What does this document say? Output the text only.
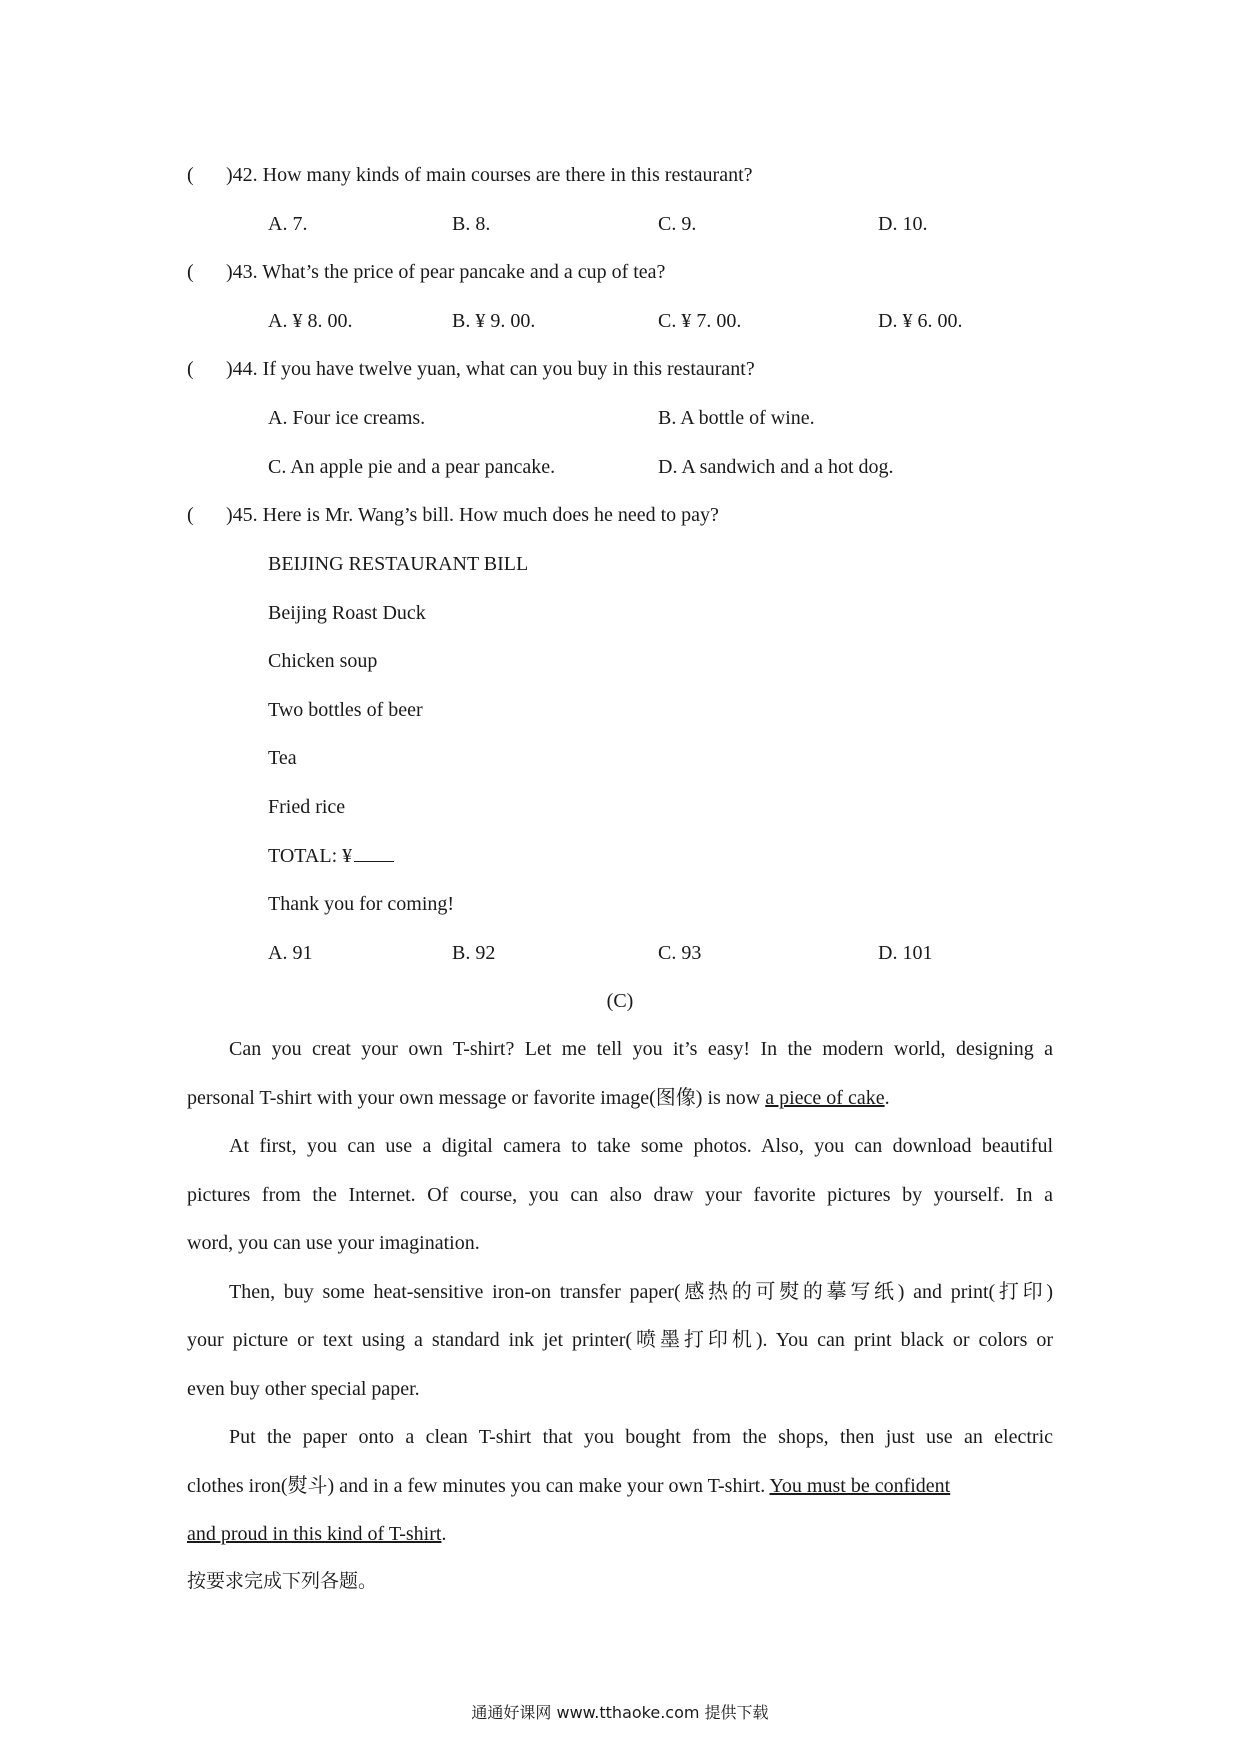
( )42. How many kinds of main courses are there in this restaurant?
A. 7.	B. 8.	C. 9.	D. 10.
( )43. What’s the price of pear pancake and a cup of tea?
A. ¥ 8. 00.	B. ¥ 9. 00.	C. ¥ 7. 00.	D. ¥ 6. 00.
( )44. If you have twelve yuan, what can you buy in this restaurant?
A. Four ice creams.	B. A bottle of wine.
C. An apple pie and a pear pancake.	D. A sandwich and a hot dog.
( )45. Here is Mr. Wang’s bill. How much does he need to pay?
BEIJING RESTAURANT BILL
Beijing Roast Duck
Chicken soup
Two bottles of beer
Tea
Fried rice
TOTAL: ¥
Thank you for coming!
A. 91	B. 92	C. 93	D. 101
(C)
Can you creat your own T-shirt? Let me tell you it’s easy! In the modern world, designing a
personal T-shirt with your own message or favorite image(图像) is now a piece of cake.
At first, you can use a digital camera to take some photos. Also, you can download beautiful
pictures from the Internet. Of course, you can also draw your favorite pictures by yourself. In a
word, you can use your imagination.
Then, buy some heat-sensitive iron-on transfer paper(感热的可熨的摹写纸) and print(打印)
your picture or text using a standard ink jet printer(喷墨打印机). You can print black or colors or
even buy other special paper.
Put the paper onto a clean T-shirt that you bought from the shops, then just use an electric
clothes iron(熨斗) and in a few minutes you can make your own T-shirt. You must be confident
and proud in this kind of T-shirt.
按要求完成下列各题。
通通好课网 www.tthaoke.com 提供下载
